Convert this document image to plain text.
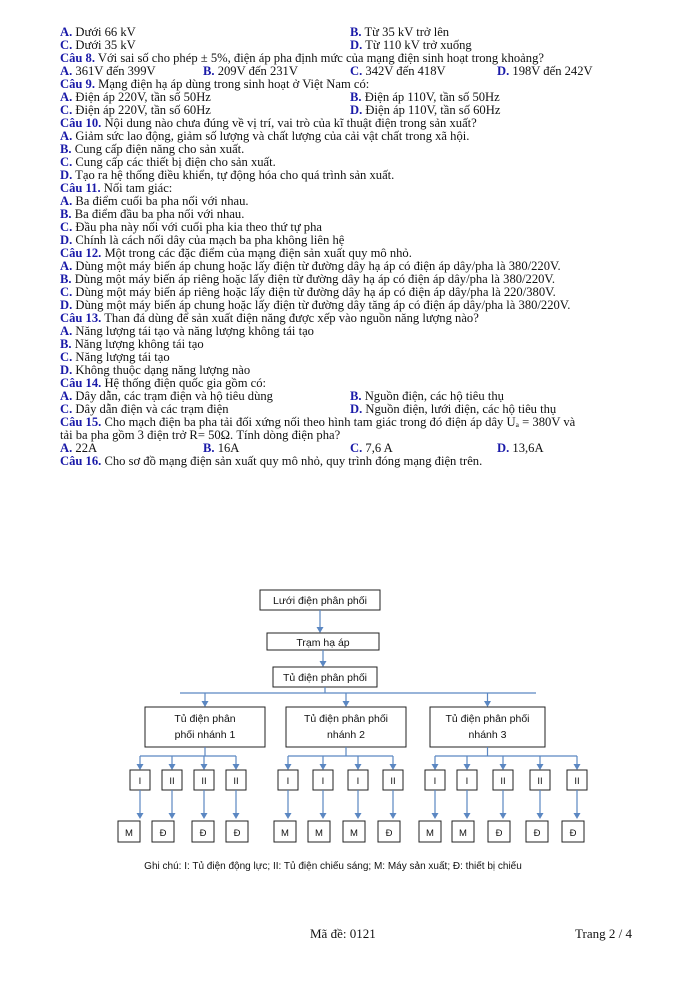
A. Dưới 66 kV	B. Từ 35 kV trở lên
C. Dưới 35 kV	D. Từ 110 kV trở xuống
Câu 8. Với sai số cho phép ± 5%, điện áp pha định mức của mạng điện sinh hoạt trong khoảng?
A. 361V đến 399V	B. 209V đến 231V	C. 342V đến 418V	D. 198V đến 242V
Câu 9. Mạng điện hạ áp dùng trong sinh hoạt ở Việt Nam có:
A. Điện áp 220V, tần số 50Hz	B. Điện áp 110V, tần số 50Hz
C. Điện áp 220V, tần số 60Hz	D. Điện áp 110V, tần số 60Hz
Câu 10. Nội dung nào chưa đúng về vị trí, vai trò của kĩ thuật điện trong sản xuất?
A. Giảm sức lao động, giảm số lượng và chất lượng của cải vật chất trong xã hội.
B. Cung cấp điện năng cho sản xuất.
C. Cung cấp các thiết bị điện cho sản xuất.
D. Tạo ra hệ thống điều khiển, tự động hóa cho quá trình sản xuất.
Câu 11. Nối tam giác:
A. Ba điểm cuối ba pha nối với nhau.
B. Ba điểm đầu ba pha nối với nhau.
C. Đầu pha này nối với cuối pha kia theo thứ tự pha
D. Chính là cách nối dây của mạch ba pha không liên hệ
Câu 12. Một trong các đặc điểm của mạng điện sản xuất quy mô nhỏ.
A. Dùng một máy biến áp chung hoặc lấy điện từ đường dây hạ áp có điện áp dây/pha là 380/220V.
B. Dùng một máy biến áp riêng hoặc lấy điện từ đường dây hạ áp có điện áp dây/pha là 380/220V.
C. Dùng một máy biến áp riêng hoặc lấy điện từ đường dây hạ áp có điện áp dây/pha là 220/380V.
D. Dùng một máy biến áp chung hoặc lấy điện từ đường dây tăng áp có điện áp dây/pha là 380/220V.
Câu 13. Than đá dùng để sản xuất điện năng được xếp vào nguồn năng lượng nào?
A. Năng lượng tái tạo và năng lượng không tái tạo
B. Năng lượng không tái tạo
C. Năng lượng tái tạo
D. Không thuộc dạng năng lượng nào
Câu 14. Hệ thống điện quốc gia gồm có:
A. Dây dẫn, các trạm điện và hộ tiêu dùng	B. Nguồn điện, các hộ tiêu thụ
C. Dây dẫn điện và các trạm điện	D. Nguồn điện, lưới điện, các hộ tiêu thụ
Câu 15. Cho mạch điện ba pha tải đối xứng nối theo hình tam giác trong đó điện áp dây Uₐ = 380V và
tải ba pha gồm 3 điện trở R= 50Ω. Tính dòng điện pha?
A. 22A	B. 16A	C. 7,6 A	D. 13,6A
Câu 16. Cho sơ đồ mạng điện sản xuất quy mô nhỏ, quy trình đóng mạng điện trên.
Lưới điện phân phối
Trạm hạ áp
Tủ điện phân phối
Tủ điện phân
phối nhánh 1
Tủ điện phân phối
nhánh 2
Tủ điện phân phối
nhánh 3
I	II	II	II	I	I	I	II	I	I	II	II	II
M	Đ	Đ	Đ	M	M	M	Đ	M	M	Đ	Đ	Đ
Ghi chú: I: Tủ điện động lực; II: Tủ điện chiếu sáng; M: Máy sản xuất; Đ: thiết bị chiếu
Mã đề: 0121	Trang 2 / 4
